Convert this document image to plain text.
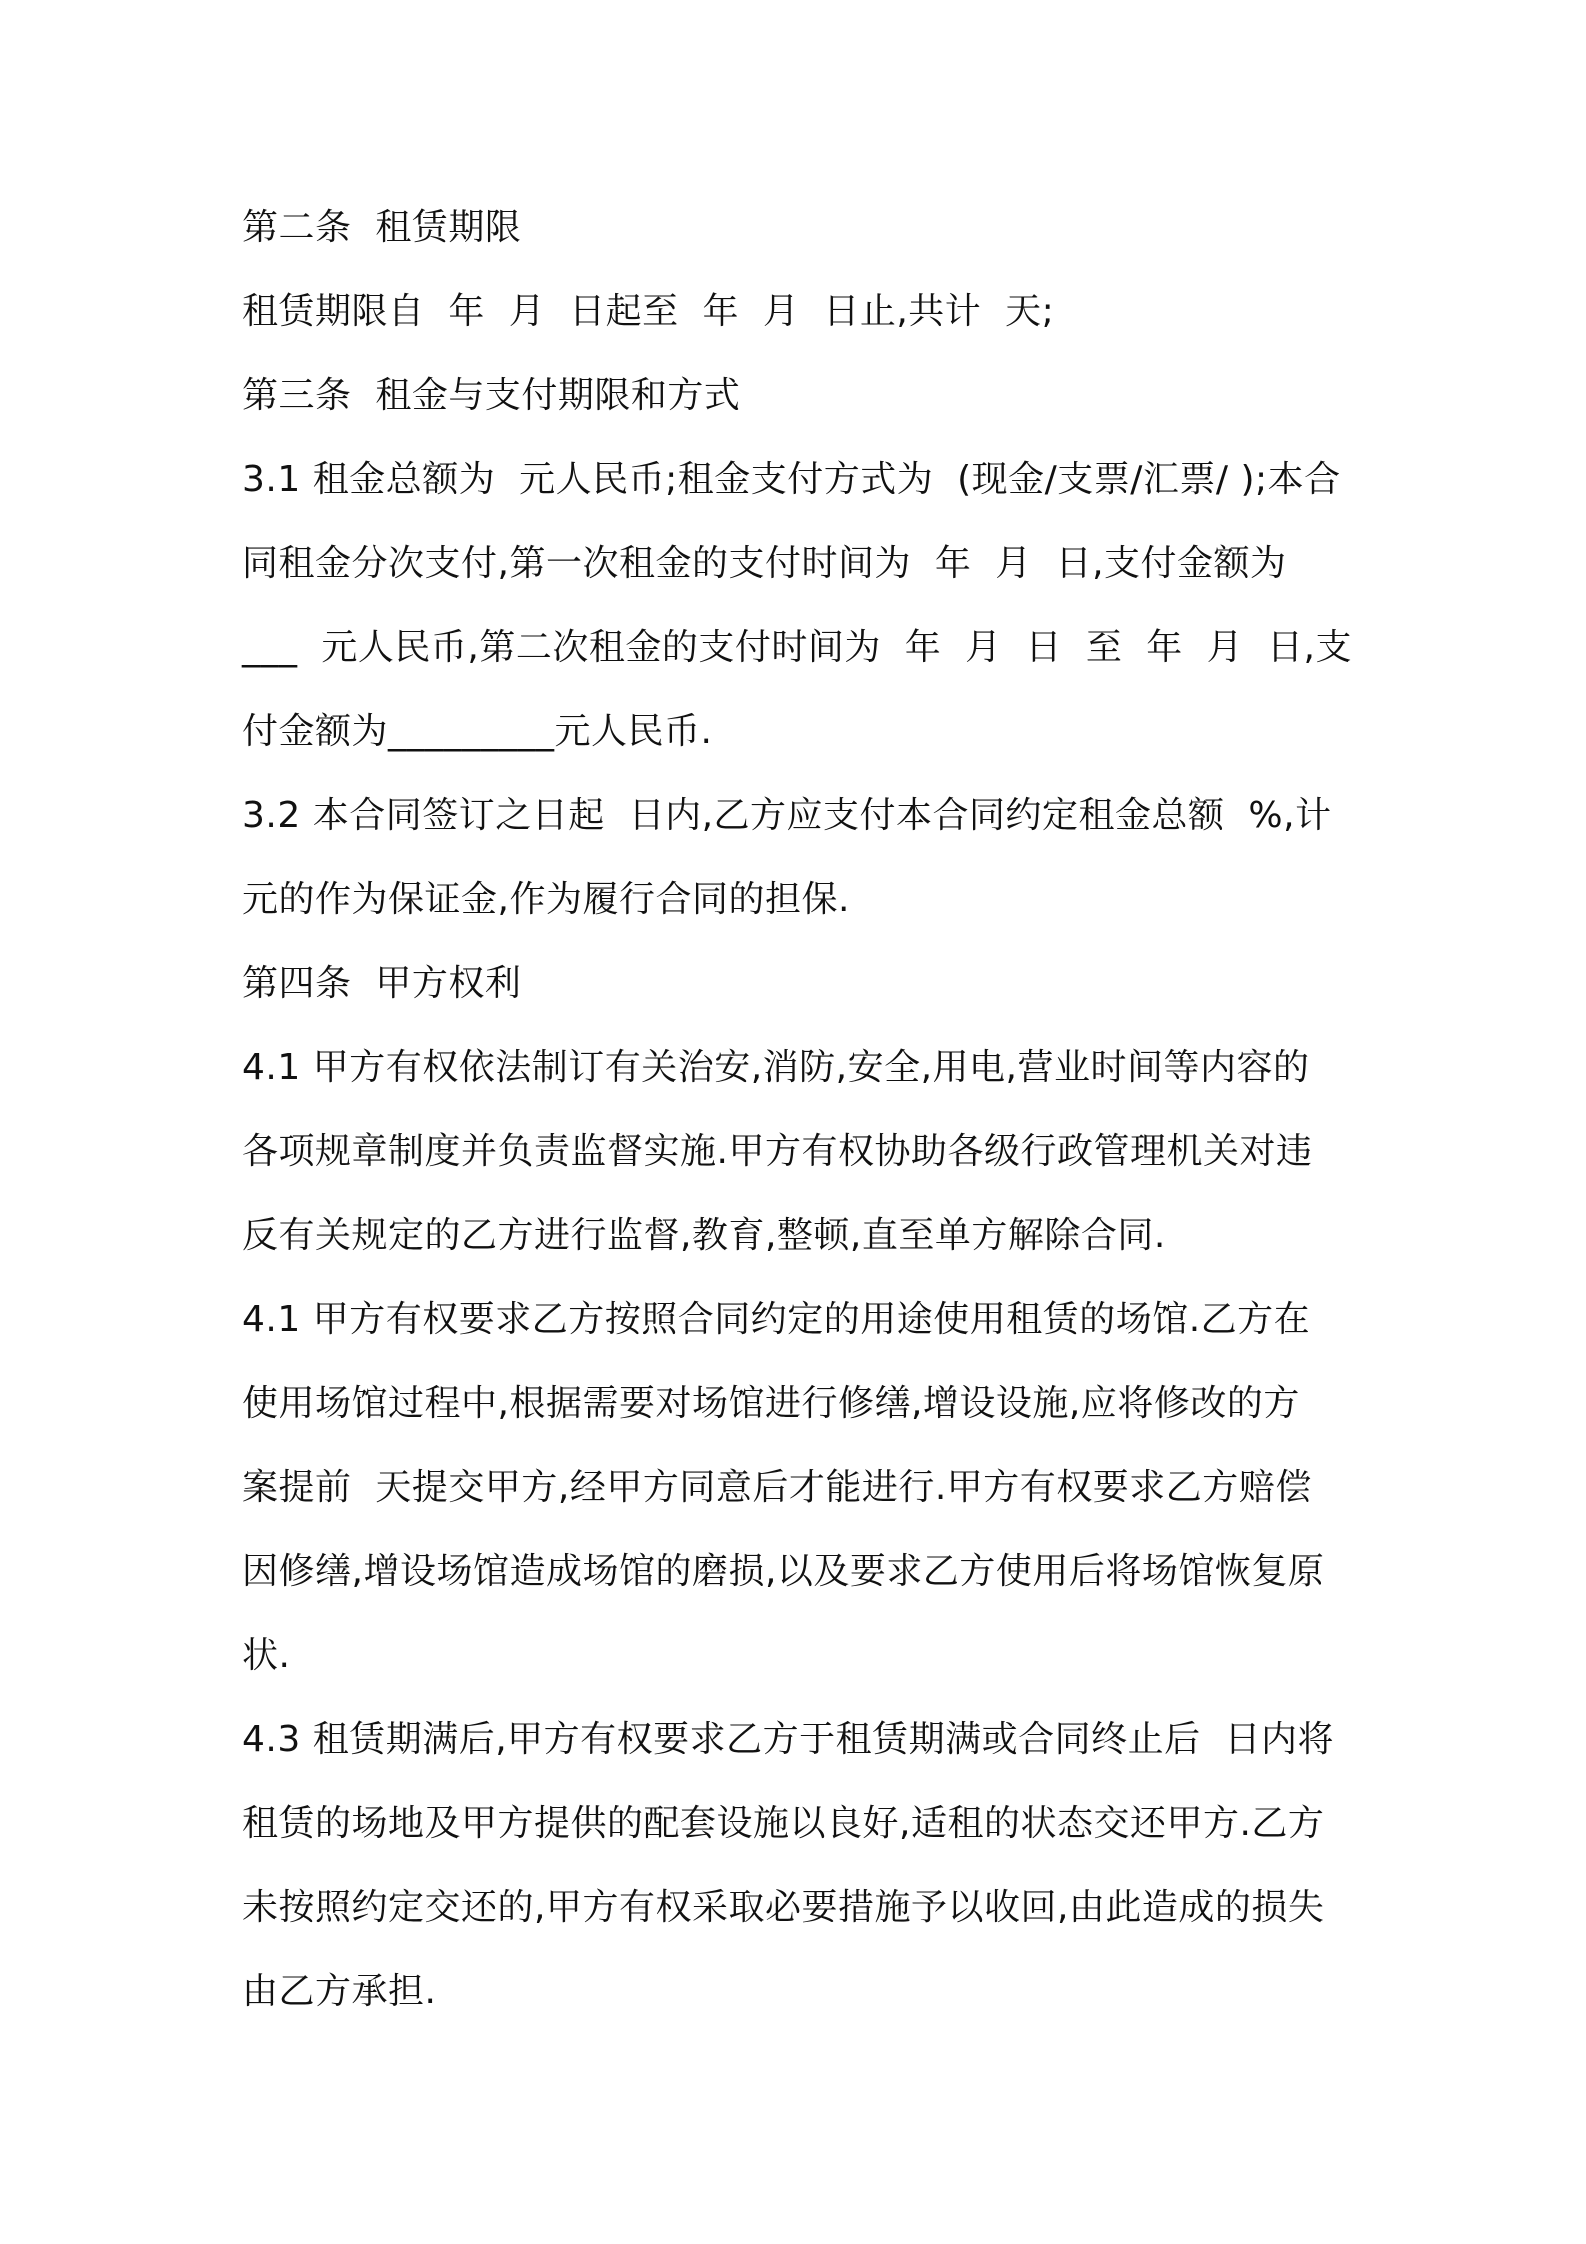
第二条  租赁期限

租赁期限自  年  月  日起至  年  月  日止,共计  天;

第三条  租金与支付期限和方式

3.1 租金总额为  元人民币;租金支付方式为  (现金/支票/汇票/ );本合

同租金分次支付,第一次租金的支付时间为  年  月  日,支付金额为

___  元人民币,第二次租金的支付时间为  年  月  日  至  年  月  日,支

付金额为_________元人民币.

3.2 本合同签订之日起  日内,乙方应支付本合同约定租金总额  %,计

元的作为保证金,作为履行合同的担保.

第四条  甲方权利

4.1 甲方有权依法制订有关治安,消防,安全,用电,营业时间等内容的

各项规章制度并负责监督实施.甲方有权协助各级行政管理机关对违

反有关规定的乙方进行监督,教育,整顿,直至单方解除合同.

4.1 甲方有权要求乙方按照合同约定的用途使用租赁的场馆.乙方在

使用场馆过程中,根据需要对场馆进行修缮,增设设施,应将修改的方

案提前  天提交甲方,经甲方同意后才能进行.甲方有权要求乙方赔偿

因修缮,增设场馆造成场馆的磨损,以及要求乙方使用后将场馆恢复原

状.

4.3 租赁期满后,甲方有权要求乙方于租赁期满或合同终止后  日内将

租赁的场地及甲方提供的配套设施以良好,适租的状态交还甲方.乙方

未按照约定交还的,甲方有权采取必要措施予以收回,由此造成的损失

由乙方承担.
